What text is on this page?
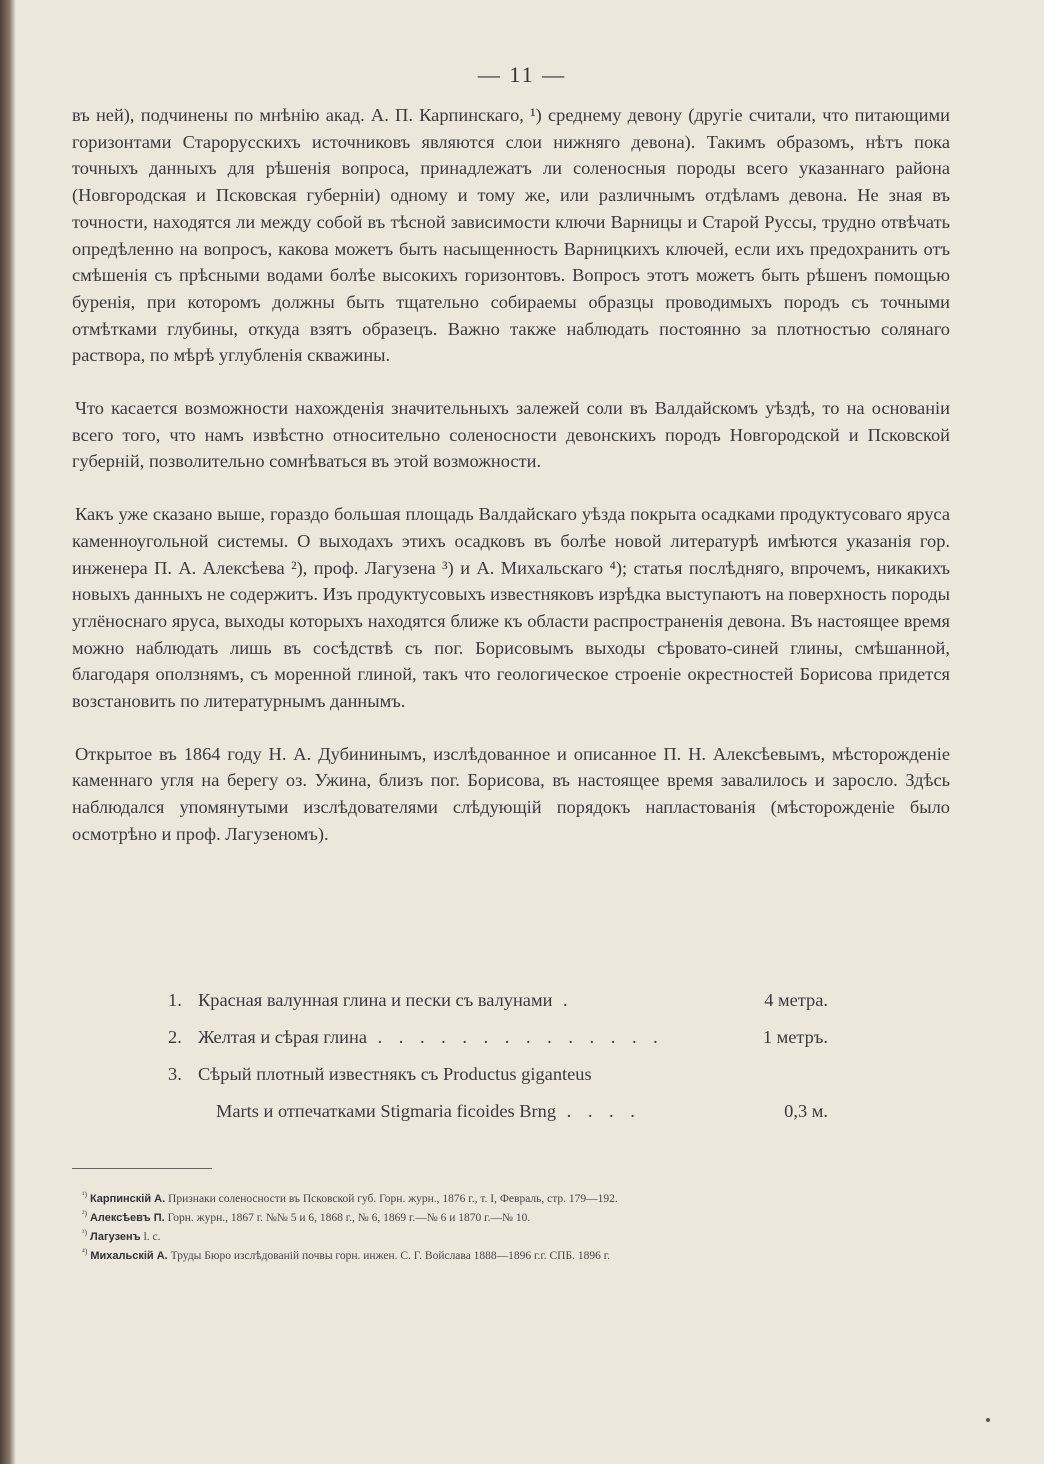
— 11 —

въ ней), подчинены по мнѣнію акад. А. П. Карпинскаго, ¹) среднему девону (другіе считали, что питающими горизонтами Старорусскихъ источниковъ являются слои нижняго девона). Такимъ образомъ, нѣтъ пока точныхъ данныхъ для рѣшенія вопроса, принадлежатъ ли соленосныя породы всего указаннаго района (Новгородская и Псковская губерніи) одному и тому же, или различнымъ отдѣламъ девона. Не зная въ точности, находятся ли между собой въ тѣсной зависимости ключи Варницы и Старой Руссы, трудно отвѣчать опредѣленно на вопросъ, какова можетъ быть насыщенность Варницкихъ ключей, если ихъ предохранить отъ смѣшенія съ прѣсными водами болѣе высокихъ горизонтовъ. Вопросъ этотъ можетъ быть рѣшенъ помощью буренія, при которомъ должны быть тщательно собираемы образцы проводимыхъ породъ съ точными отмѣтками глубины, откуда взятъ образецъ. Важно также наблюдать постоянно за плотностью солянаго раствора, по мѣрѣ углубленія скважины.

Что касается возможности нахожденія значительныхъ залежей соли въ Валдайскомъ уѣздѣ, то на основаніи всего того, что намъ извѣстно относительно соленосности девонскихъ породъ Новгородской и Псковской губерній, позволительно сомнѣваться въ этой возможности.

Какъ уже сказано выше, гораздо большая площадь Валдайскаго уѣзда покрыта осадками продуктусоваго яруса каменноугольной системы. О выходахъ этихъ осадковъ въ болѣе новой литературѣ имѣются указанія гор. инженера П. А. Алексѣева ²), проф. Лагузена ³) и А. Михальскаго ⁴); статья послѣдняго, впрочемъ, никакихъ новыхъ данныхъ не содержитъ. Изъ продуктусовыхъ известняковъ изрѣдка выступаютъ на поверхность породы углёноснаго яруса, выходы которыхъ находятся ближе къ области распространенія девона. Въ настоящее время можно наблюдать лишь въ сосѣдствѣ съ пог. Борисовымъ выходы сѣровато-синей глины, смѣшанной, благодаря оползнямъ, съ моренной глиной, такъ что геологическое строеніе окрестностей Борисова придется возстановить по литературнымъ даннымъ.

Открытое въ 1864 году Н. А. Дубининымъ, изслѣдованное и описанное П. Н. Алексѣевымъ, мѣсторожденіе каменнаго угля на берегу оз. Ужина, близъ пог. Борисова, въ настоящее время завалилось и заросло. Здѣсь наблюдался упомянутыми изслѣдователями слѣдующій порядокъ напластованія (мѣсторожденіе было осмотрѣно и проф. Лагузеномъ).

1. Красная валунная глина и пески съ валунами .	4 метра.
2. Желтая и сѣрая глина . . . . . . . . . . . . . .	1 метръ.
3. Сѣрый плотный известнякъ съ Productus giganteus
Marts и отпечатками Stigmaria ficoides Brng . . . .	0,3 м.
$^{^1)}$ Карпинскій А. Признаки соленосности въ Псковской губ. Горн. журн., 1876 г., т. I, Февраль, стр. 179—192.
$^{^2)}$ Алексѣевъ П. Горн. журн., 1867 г. №№ 5 и 6, 1868 г., № 6, 1869 г.—№ 6 и 1870 г.—№ 10.
$^{^3)}$ Лагузенъ l. c.
$^{^4)}$ Михальскій А. Труды Бюро изслѣдованій почвы горн. инжен. С. Г. Войслава 1888—1896 г.г. СПБ. 1896 г.
